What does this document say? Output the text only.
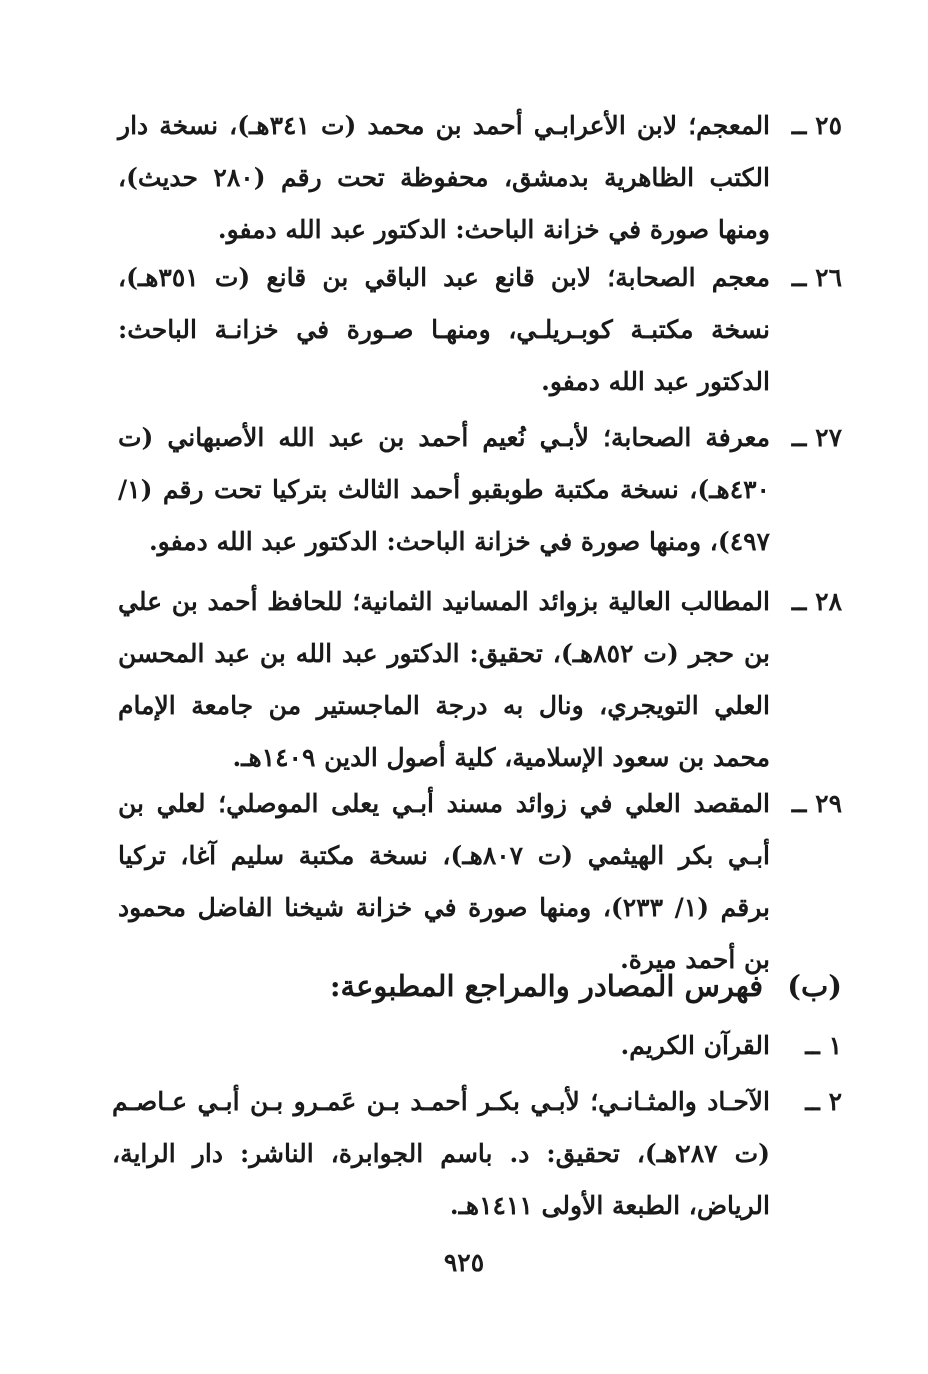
٢٥ ــ
المعجم؛ لابن الأعرابـي أحمد بن محمد (ت ٣٤١هـ)، نسخة دار الكتب الظاهرية بدمشق، محفوظة تحت رقم (٢٨٠ حديث)، ومنها صورة في خزانة الباحث: الدكتور عبد الله دمفو.
٢٦ ــ
معجم الصحابة؛ لابن قانع عبد الباقي بن قانع (ت ٣٥١هـ)، نسخة مكتبـة كوبـريلـي، ومنهـا صـورة في خزانـة الباحث: الدكتور عبد الله دمفو.
٢٧ ــ
معرفة الصحابة؛ لأبـي نُعيم أحمد بن عبد الله الأصبهاني (ت ٤٣٠هـ)، نسخة مكتبة طوبقبو أحمد الثالث بتركيا تحت رقم (١/ ٤٩٧)، ومنها صورة في خزانة الباحث: الدكتور عبد الله دمفو.
٢٨ ــ
المطالب العالية بزوائد المسانيد الثمانية؛ للحافظ أحمد بن علي بن حجر (ت ٨٥٢هـ)، تحقيق: الدكتور عبد الله بن عبد المحسن العلي التويجري، ونال به درجة الماجستير من جامعة الإمام محمد بن سعود الإسلامية، كلية أصول الدين ١٤٠٩هـ.
٢٩ ــ
المقصد العلي في زوائد مسند أبـي يعلى الموصلي؛ لعلي بن أبـي بكر الهيثمي (ت ٨٠٧هـ)، نسخة مكتبة سليم آغا، تركيا برقم (١/ ٢٣٣)، ومنها صورة في خزانة شيخنا الفاضل محمود بن أحمد ميرة.
(ب) فهرس المصادر والمراجع المطبوعة:
١ ــ
القرآن الكريم.
٢ ــ
الآحـاد والمثـانـي؛ لأبـي بكـر أحمـد بـن عَمـرو بـن أبـي عـاصـم (ت ٢٨٧هـ)، تحقيق: د. باسم الجوابرة، الناشر: دار الراية، الرياض، الطبعة الأولى ١٤١١هـ.
٩٢٥
